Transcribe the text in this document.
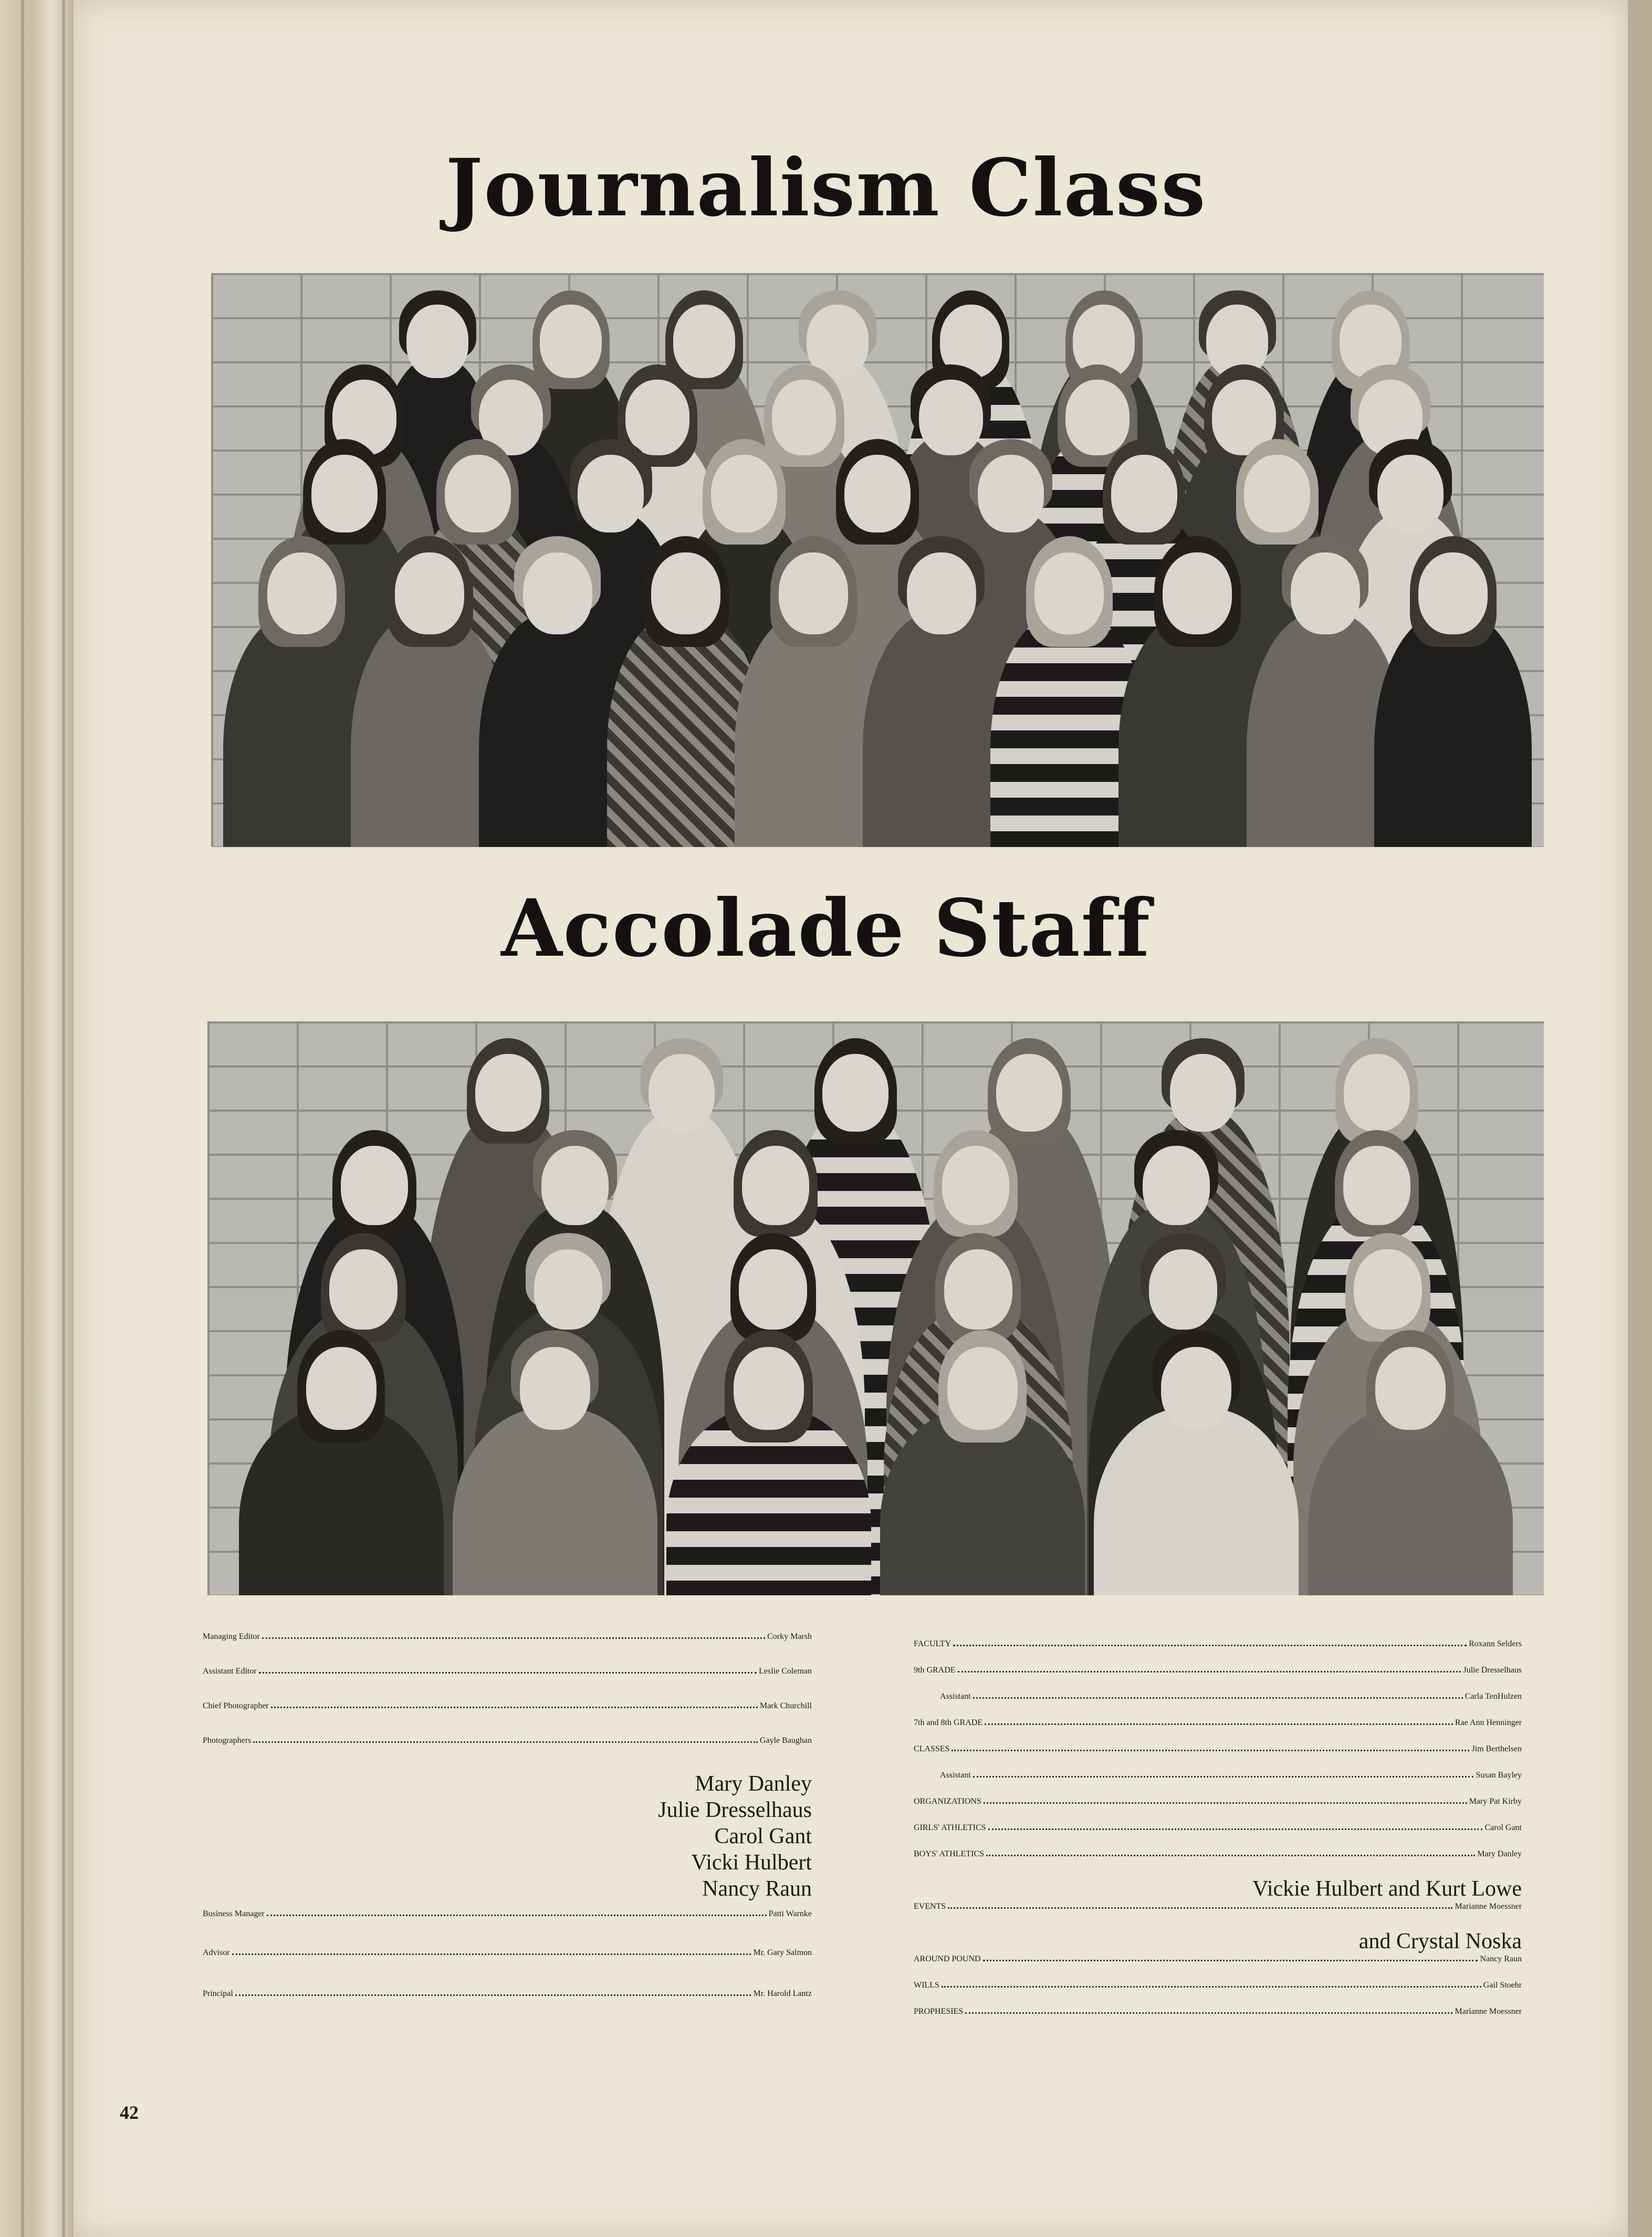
Journalism Class
Accolade Staff
42
Managing Editor	Corky Marsh
Assistant Editor	Leslie Coleman
Chief Photographer	Mark Churchill
Photographers	Gayle Baughan
Mary Danley
Julie Dresselhaus
Carol Gant
Vicki Hulbert
Nancy Raun
Business Manager	Patti Warnke
Advisor	Mr. Gary Salmon
Principal	Mr. Harold Lantz
FACULTY	Roxann Selders
9th GRADE	Julie Dresselhaus
Assistant	Carla TenHulzen
7th and 8th GRADE	Rae Ann Henninger
CLASSES	Jim Berthelsen
Assistant	Susan Bayley
ORGANIZATIONS	Mary Pat Kirby
GIRLS' ATHLETICS	Carol Gant
BOYS' ATHLETICS	Mary Danley
Vickie Hulbert and Kurt Lowe
EVENTS	Marianne Moessner
and Crystal Noska
AROUND POUND	Nancy Raun
WILLS	Gail Stoehr
PROPHESIES	Marianne Moessner
